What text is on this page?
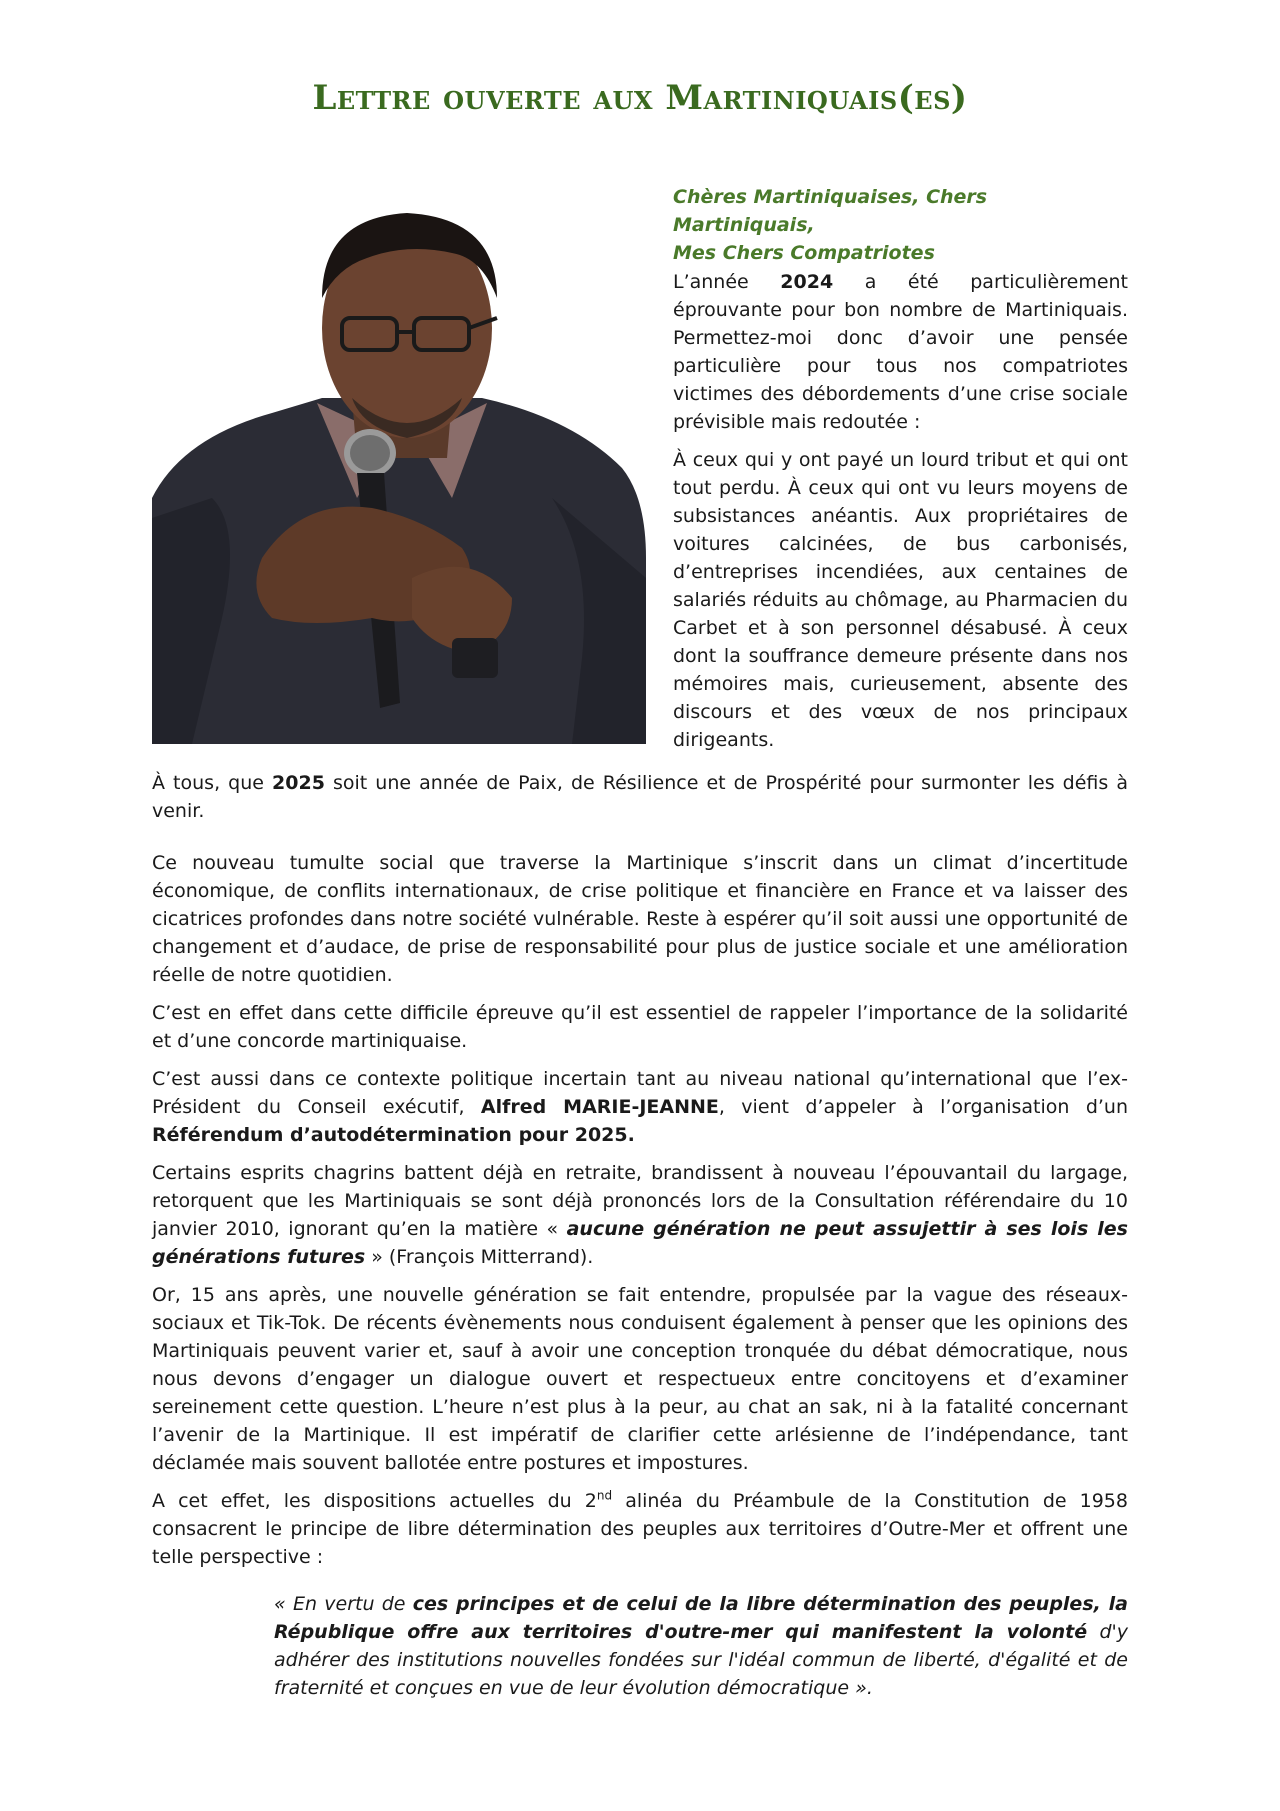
Lettre ouverte aux Martiniquais(es)
Chères Martiniquaises, Chers Martiniquais,
Mes Chers Compatriotes

L’année 2024 a été particulièrement éprouvante pour bon nombre de Martiniquais. Permettez-moi donc d’avoir une pensée particulière pour tous nos compatriotes victimes des débordements d’une crise sociale prévisible mais redoutée :

À ceux qui y ont payé un lourd tribut et qui ont tout perdu. À ceux qui ont vu leurs moyens de subsistances anéantis. Aux propriétaires de voitures calcinées, de bus carbonisés, d’entreprises incendiées, aux centaines de salariés réduits au chômage, au Pharmacien du Carbet et à son personnel désabusé. À ceux dont la souffrance demeure présente dans nos mémoires mais, curieusement, absente des discours et des vœux de nos principaux dirigeants.

À tous, que 2025 soit une année de Paix, de Résilience et de Prospérité pour surmonter les défis à venir.

Ce nouveau tumulte social que traverse la Martinique s’inscrit dans un climat d’incertitude économique, de conflits internationaux, de crise politique et financière en France et va laisser des cicatrices profondes dans notre société vulnérable. Reste à espérer qu’il soit aussi une opportunité de changement et d’audace, de prise de responsabilité pour plus de justice sociale et une amélioration réelle de notre quotidien.

C’est en effet dans cette difficile épreuve qu’il est essentiel de rappeler l’importance de la solidarité et d’une concorde martiniquaise.

C’est aussi dans ce contexte politique incertain tant au niveau national qu’international que l’ex-Président du Conseil exécutif, Alfred MARIE-JEANNE, vient d’appeler à l’organisation d’un Référendum d’autodétermination pour 2025.

Certains esprits chagrins battent déjà en retraite, brandissent à nouveau l’épouvantail du largage, retorquent que les Martiniquais se sont déjà prononcés lors de la Consultation référendaire du 10 janvier 2010, ignorant qu’en la matière « aucune génération ne peut assujettir à ses lois les générations futures » (François Mitterrand).

Or, 15 ans après, une nouvelle génération se fait entendre, propulsée par la vague des réseaux-sociaux et Tik-Tok. De récents évènements nous conduisent également à penser que les opinions des Martiniquais peuvent varier et, sauf à avoir une conception tronquée du débat démocratique, nous nous devons d’engager un dialogue ouvert et respectueux entre concitoyens et d’examiner sereinement cette question. L’heure n’est plus à la peur, au chat an sak, ni à la fatalité concernant l’avenir de la Martinique. Il est impératif de clarifier cette arlésienne de l’indépendance, tant déclamée mais souvent ballotée entre postures et impostures.

A cet effet, les dispositions actuelles du 2nd alinéa du Préambule de la Constitution de 1958 consacrent le principe de libre détermination des peuples aux territoires d’Outre-Mer et offrent une telle perspective :

« En vertu de ces principes et de celui de la libre détermination des peuples, la République offre aux territoires d'outre-mer qui manifestent la volonté d'y adhérer des institutions nouvelles fondées sur l'idéal commun de liberté, d'égalité et de fraternité et conçues en vue de leur évolution démocratique ».
